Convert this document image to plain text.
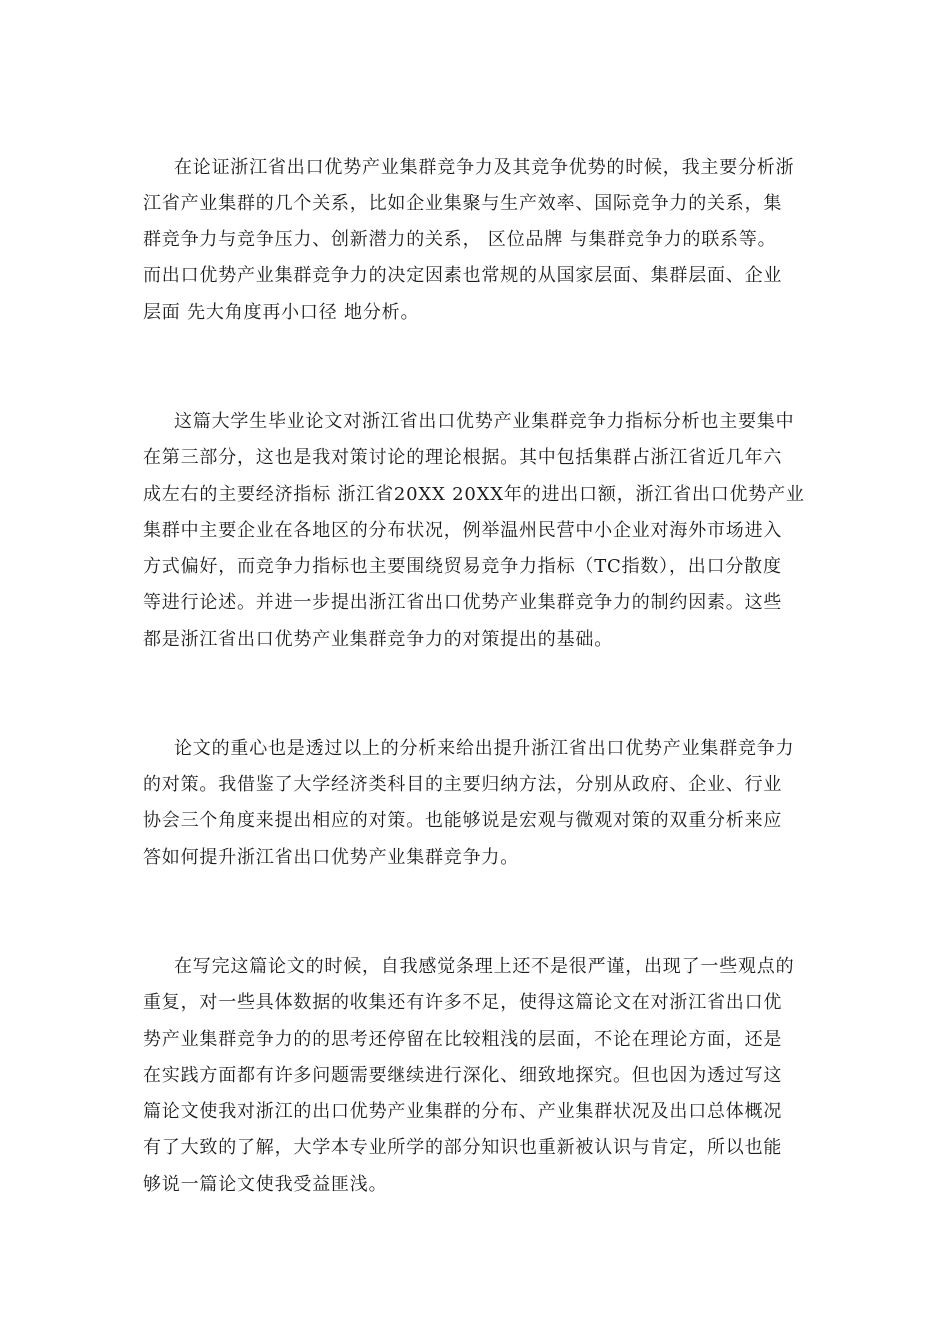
在论证浙江省出口优势产业集群竞争力及其竞争优势的时候，我主要分析浙
江省产业集群的几个关系，比如企业集聚与生产效率、国际竞争力的关系，集
群竞争力与竞争压力、创新潜力的关系， 区位品牌 与集群竞争力的联系等。
而出口优势产业集群竞争力的决定因素也常规的从国家层面、集群层面、企业
层面 先大角度再小口径 地分析。
这篇大学生毕业论文对浙江省出口优势产业集群竞争力指标分析也主要集中
在第三部分，这也是我对策讨论的理论根据。其中包括集群占浙江省近几年六
成左右的主要经济指标 浙江省20XX 20XX年的进出口额，浙江省出口优势产业
集群中主要企业在各地区的分布状况，例举温州民营中小企业对海外市场进入
方式偏好，而竞争力指标也主要围绕贸易竞争力指标（TC指数），出口分散度
等进行论述。并进一步提出浙江省出口优势产业集群竞争力的制约因素。这些
都是浙江省出口优势产业集群竞争力的对策提出的基础。
论文的重心也是透过以上的分析来给出提升浙江省出口优势产业集群竞争力
的对策。我借鉴了大学经济类科目的主要归纳方法，分别从政府、企业、行业
协会三个角度来提出相应的对策。也能够说是宏观与微观对策的双重分析来应
答如何提升浙江省出口优势产业集群竞争力。
在写完这篇论文的时候，自我感觉条理上还不是很严谨，出现了一些观点的
重复，对一些具体数据的收集还有许多不足，使得这篇论文在对浙江省出口优
势产业集群竞争力的的思考还停留在比较粗浅的层面，不论在理论方面，还是
在实践方面都有许多问题需要继续进行深化、细致地探究。但也因为透过写这
篇论文使我对浙江的出口优势产业集群的分布、产业集群状况及出口总体概况
有了大致的了解，大学本专业所学的部分知识也重新被认识与肯定，所以也能
够说一篇论文使我受益匪浅。
